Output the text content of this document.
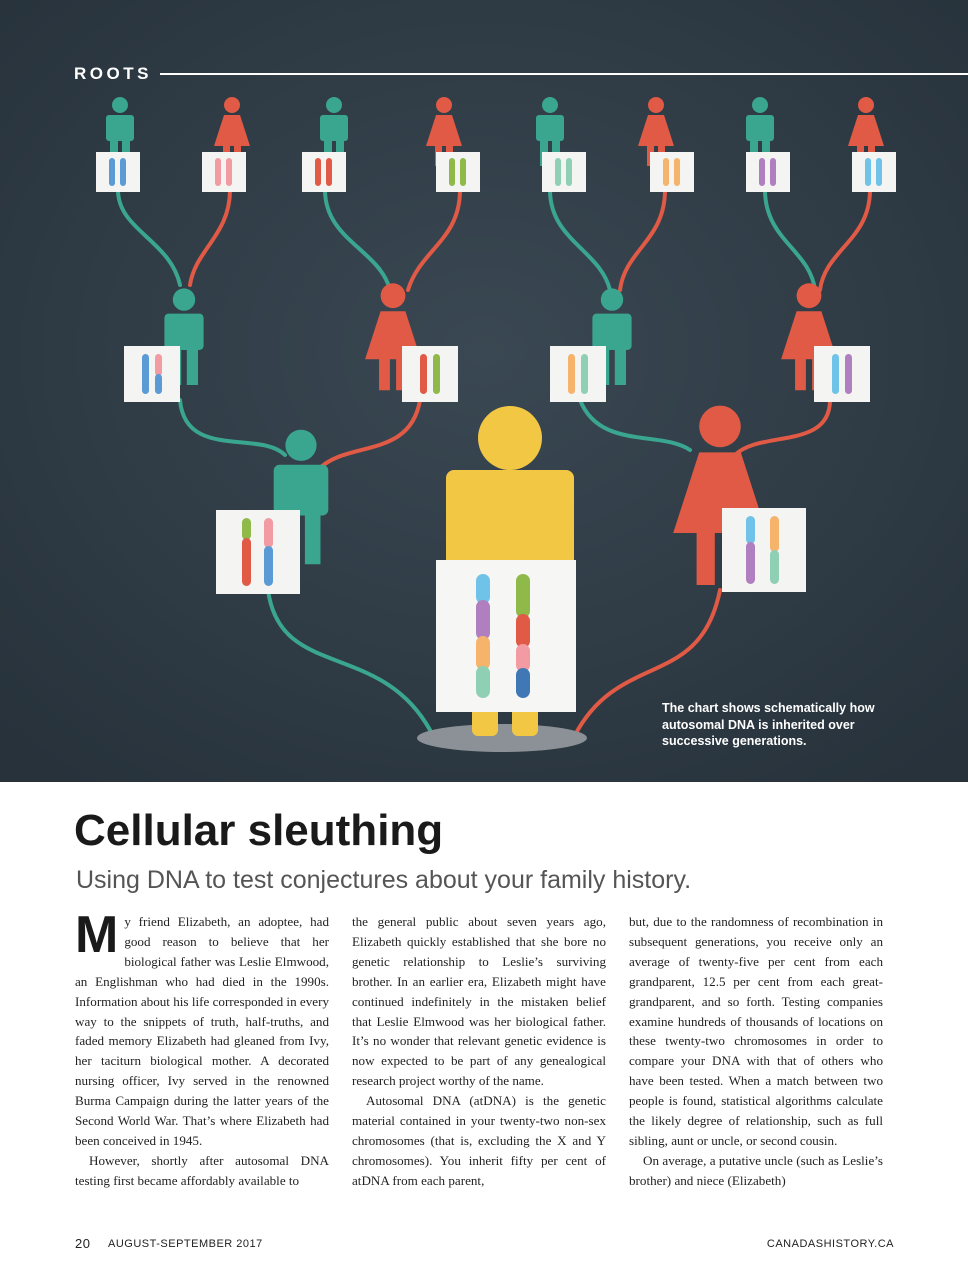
ROOTS
The chart shows schematically how autosomal DNA is inherited over successive generations.
Cellular sleuthing

Using DNA to test conjectures about your family history.

My friend Elizabeth, an adoptee, had good reason to believe that her biological father was Leslie Elmwood, an Englishman who had died in the 1990s. Information about his life corresponded in every way to the snippets of truth, half-truths, and faded memory Elizabeth had gleaned from Ivy, her taciturn biological mother. A decorated nursing officer, Ivy served in the renowned Burma Campaign during the latter years of the Second World War. That’s where Elizabeth had been conceived in 1945.

However, shortly after autosomal DNA testing first became affordably available to

the general public about seven years ago, Elizabeth quickly established that she bore no genetic relationship to Leslie’s surviving brother. In an earlier era, Elizabeth might have continued indefinitely in the mistaken belief that Leslie Elmwood was her biological father. It’s no wonder that relevant genetic evidence is now expected to be part of any genealogical research project worthy of the name.

Autosomal DNA (atDNA) is the genetic material contained in your twenty-two non-sex chromosomes (that is, excluding the X and Y chromosomes). You inherit fifty per cent of atDNA from each parent,

but, due to the randomness of recombination in subsequent generations, you receive only an average of twenty-five per cent from each grandparent, 12.5 per cent from each great-grandparent, and so forth. Testing companies examine hundreds of thousands of locations on these twenty-two chromosomes in order to compare your DNA with that of others who have been tested. When a match between two people is found, statistical algorithms calculate the likely degree of relationship, such as full sibling, aunt or uncle, or second cousin.

On average, a putative uncle (such as Leslie’s brother) and niece (Elizabeth)

20 AUGUST-SEPTEMBER 2017	CANADASHISTORY.CA
